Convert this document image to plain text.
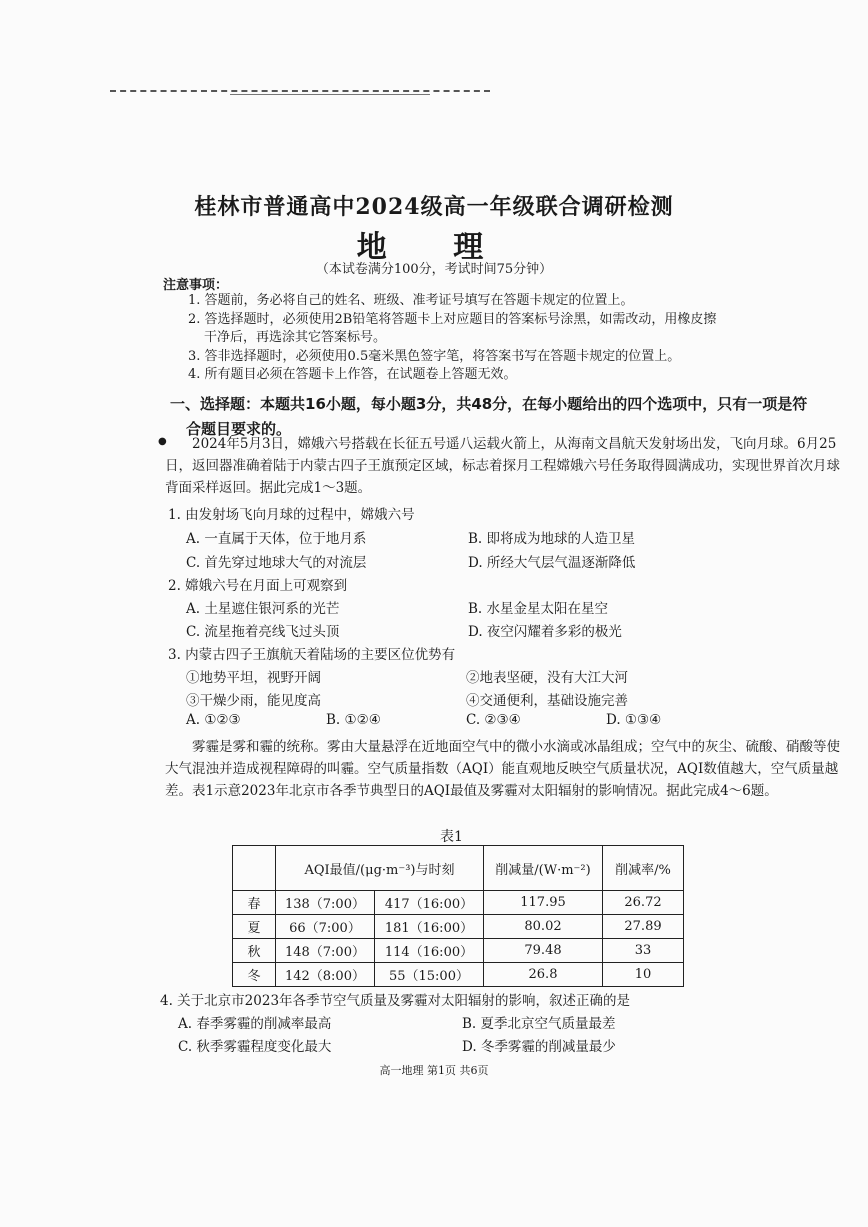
桂林市普通高中2024级高一年级联合调研检测
地 理
（本试卷满分100分，考试时间75分钟）
注意事项：
1. 答题前，务必将自己的姓名、班级、准考证号填写在答题卡规定的位置上。
2. 答选择题时，必须使用2B铅笔将答题卡上对应题目的答案标号涂黑，如需改动，用橡皮擦
干净后，再选涂其它答案标号。
3. 答非选择题时，必须使用0.5毫米黑色签字笔，将答案书写在答题卡规定的位置上。
4. 所有题目必须在答题卡上作答，在试题卷上答题无效。
一、选择题：本题共16小题，每小题3分，共48分，在每小题给出的四个选项中，只有一项是符
合题目要求的。
●	2024年5月3日，嫦娥六号搭载在长征五号遥八运载火箭上，从海南文昌航天发射场出发，飞向月球。6月25日，返回器准确着陆于内蒙古四子王旗预定区域，标志着探月工程嫦娥六号任务取得圆满成功，实现世界首次月球背面采样返回。据此完成1～3题。
1. 由发射场飞向月球的过程中，嫦娥六号
A. 一直属于天体，位于地月系	B. 即将成为地球的人造卫星
C. 首先穿过地球大气的对流层	D. 所经大气层气温逐渐降低
2. 嫦娥六号在月面上可观察到
A. 土星遮住银河系的光芒	B. 水星金星太阳在星空
C. 流星拖着亮线飞过头顶	D. 夜空闪耀着多彩的极光
3. 内蒙古四子王旗航天着陆场的主要区位优势有
①地势平坦，视野开阔	②地表坚硬，没有大江大河
③干燥少雨，能见度高	④交通便利，基础设施完善
A. ①②③	B. ①②④	C. ②③④	D. ①③④
雾霾是雾和霾的统称。雾由大量悬浮在近地面空气中的微小水滴或冰晶组成；空气中的灰尘、硫酸、硝酸等使大气混浊并造成视程障碍的叫霾。空气质量指数（AQI）能直观地反映空气质量状况，AQI数值越大，空气质量越差。表1示意2023年北京市各季节典型日的AQI最值及雾霾对太阳辐射的影响情况。据此完成4～6题。
表1
	AQI最值/(μg·m⁻³)与时刻		削减量/(W·m⁻²)	削减率/%
春	138（7:00）	417（16:00）	117.95	26.72
夏	66（7:00）	181（16:00）	80.02	27.89
秋	148（7:00）	114（16:00）	79.48	33
冬	142（8:00）	55（15:00）	26.8	10
4. 关于北京市2023年各季节空气质量及雾霾对太阳辐射的影响，叙述正确的是
A. 春季雾霾的削减率最高	B. 夏季北京空气质量最差
C. 秋季雾霾程度变化最大	D. 冬季雾霾的削减量最少
高一地理 第1页 共6页
